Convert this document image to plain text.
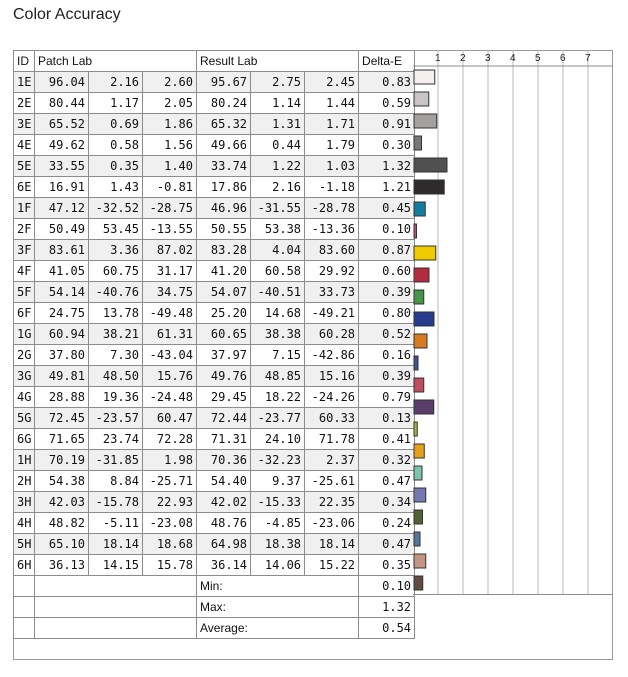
Color Accuracy
ID	Patch Lab			Result Lab			Delta-E
1E	96.04	2.16	2.60	95.67	2.75	2.45	0.83
2E	80.44	1.17	2.05	80.24	1.14	1.44	0.59
3E	65.52	0.69	1.86	65.32	1.31	1.71	0.91
4E	49.62	0.58	1.56	49.66	0.44	1.79	0.30
5E	33.55	0.35	1.40	33.74	1.22	1.03	1.32
6E	16.91	1.43	-0.81	17.86	2.16	-1.18	1.21
1F	47.12	-32.52	-28.75	46.96	-31.55	-28.78	0.45
2F	50.49	53.45	-13.55	50.55	53.38	-13.36	0.10
3F	83.61	3.36	87.02	83.28	4.04	83.60	0.87
4F	41.05	60.75	31.17	41.20	60.58	29.92	0.60
5F	54.14	-40.76	34.75	54.07	-40.51	33.73	0.39
6F	24.75	13.78	-49.48	25.20	14.68	-49.21	0.80
1G	60.94	38.21	61.31	60.65	38.38	60.28	0.52
2G	37.80	7.30	-43.04	37.97	7.15	-42.86	0.16
3G	49.81	48.50	15.76	49.76	48.85	15.16	0.39
4G	28.88	19.36	-24.48	29.45	18.22	-24.26	0.79
5G	72.45	-23.57	60.47	72.44	-23.77	60.33	0.13
6G	71.65	23.74	72.28	71.31	24.10	71.78	0.41
1H	70.19	-31.85	1.98	70.36	-32.23	2.37	0.32
2H	54.38	8.84	-25.71	54.40	9.37	-25.61	0.47
3H	42.03	-15.78	22.93	42.02	-15.33	22.35	0.34
4H	48.82	-5.11	-23.08	48.76	-4.85	-23.06	0.24
5H	65.10	18.14	18.68	64.98	18.38	18.14	0.47
6H	36.13	14.15	15.78	36.14	14.06	15.22	0.35
				Min:			0.10
				Max:			1.32
				Average:			0.54
1 2 3 4 5 6 7
